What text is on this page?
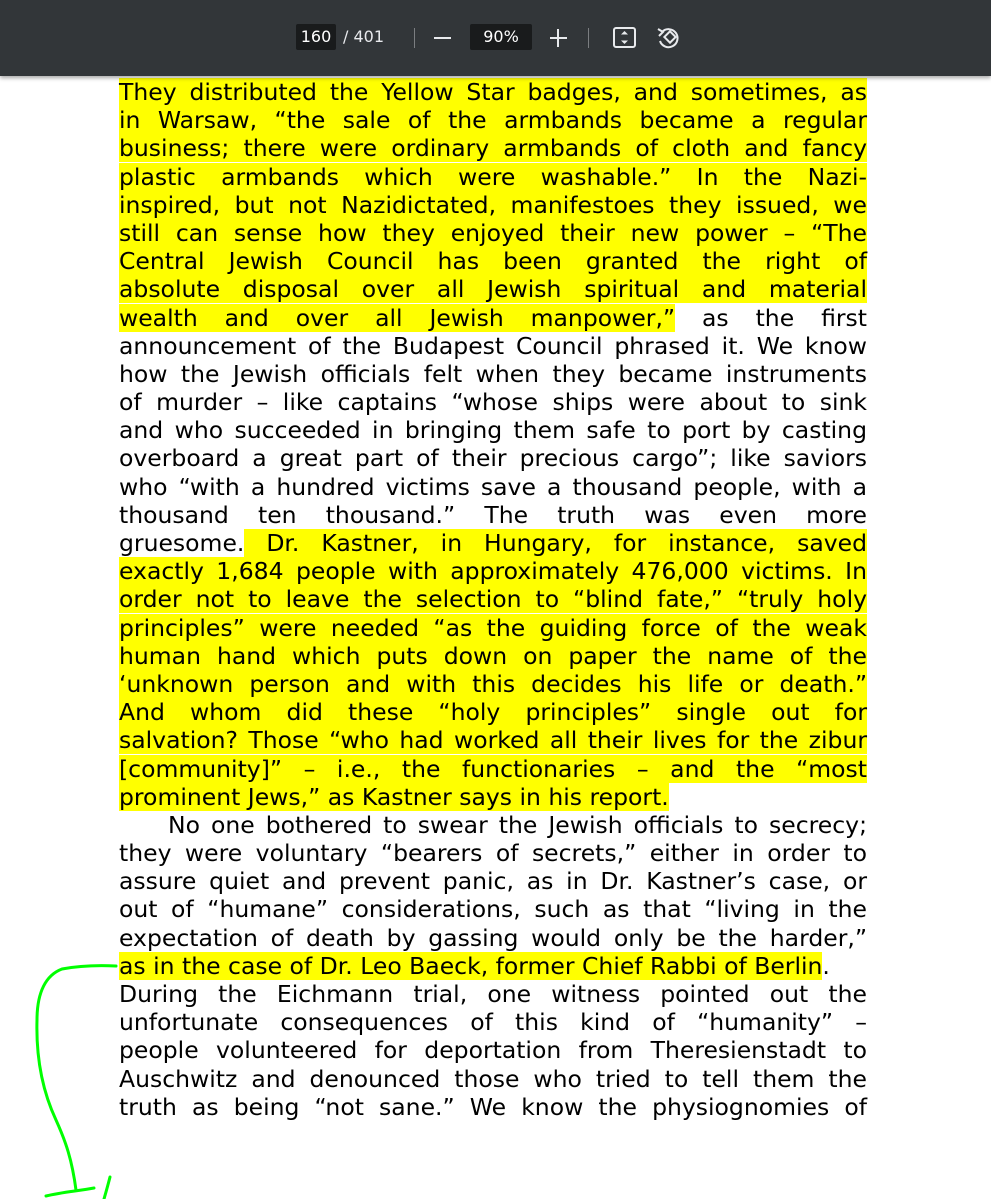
160 / 401	90%
They distributed the Yellow Star badges, and sometimes, as
in Warsaw, “the sale of the armbands became a regular
business; there were ordinary armbands of cloth and fancy
plastic armbands which were washable.” In the Nazi-
inspired, but not Nazidictated, manifestoes they issued, we
still can sense how they enjoyed their new power – “The
Central Jewish Council has been granted the right of
absolute disposal over all Jewish spiritual and material
wealth and over all Jewish manpower,” as the first
announcement of the Budapest Council phrased it. We know
how the Jewish officials felt when they became instruments
of murder – like captains “whose ships were about to sink
and who succeeded in bringing them safe to port by casting
overboard a great part of their precious cargo”; like saviors
who “with a hundred victims save a thousand people, with a
thousand ten thousand.” The truth was even more
gruesome. Dr. Kastner, in Hungary, for instance, saved
exactly 1,684 people with approximately 476,000 victims. In
order not to leave the selection to “blind fate,” “truly holy
principles” were needed “as the guiding force of the weak
human hand which puts down on paper the name of the
‘unknown person and with this decides his life or death.”
And whom did these “holy principles” single out for
salvation? Those “who had worked all their lives for the zibur
[community]” – i.e., the functionaries – and the “most
prominent Jews,” as Kastner says in his report.
No one bothered to swear the Jewish officials to secrecy;
they were voluntary “bearers of secrets,” either in order to
assure quiet and prevent panic, as in Dr. Kastner’s case, or
out of “humane” considerations, such as that “living in the
expectation of death by gassing would only be the harder,”
as in the case of Dr. Leo Baeck, former Chief Rabbi of Berlin.
During the Eichmann trial, one witness pointed out the
unfortunate consequences of this kind of “humanity” –
people volunteered for deportation from Theresienstadt to
Auschwitz and denounced those who tried to tell them the
truth as being “not sane.” We know the physiognomies of
